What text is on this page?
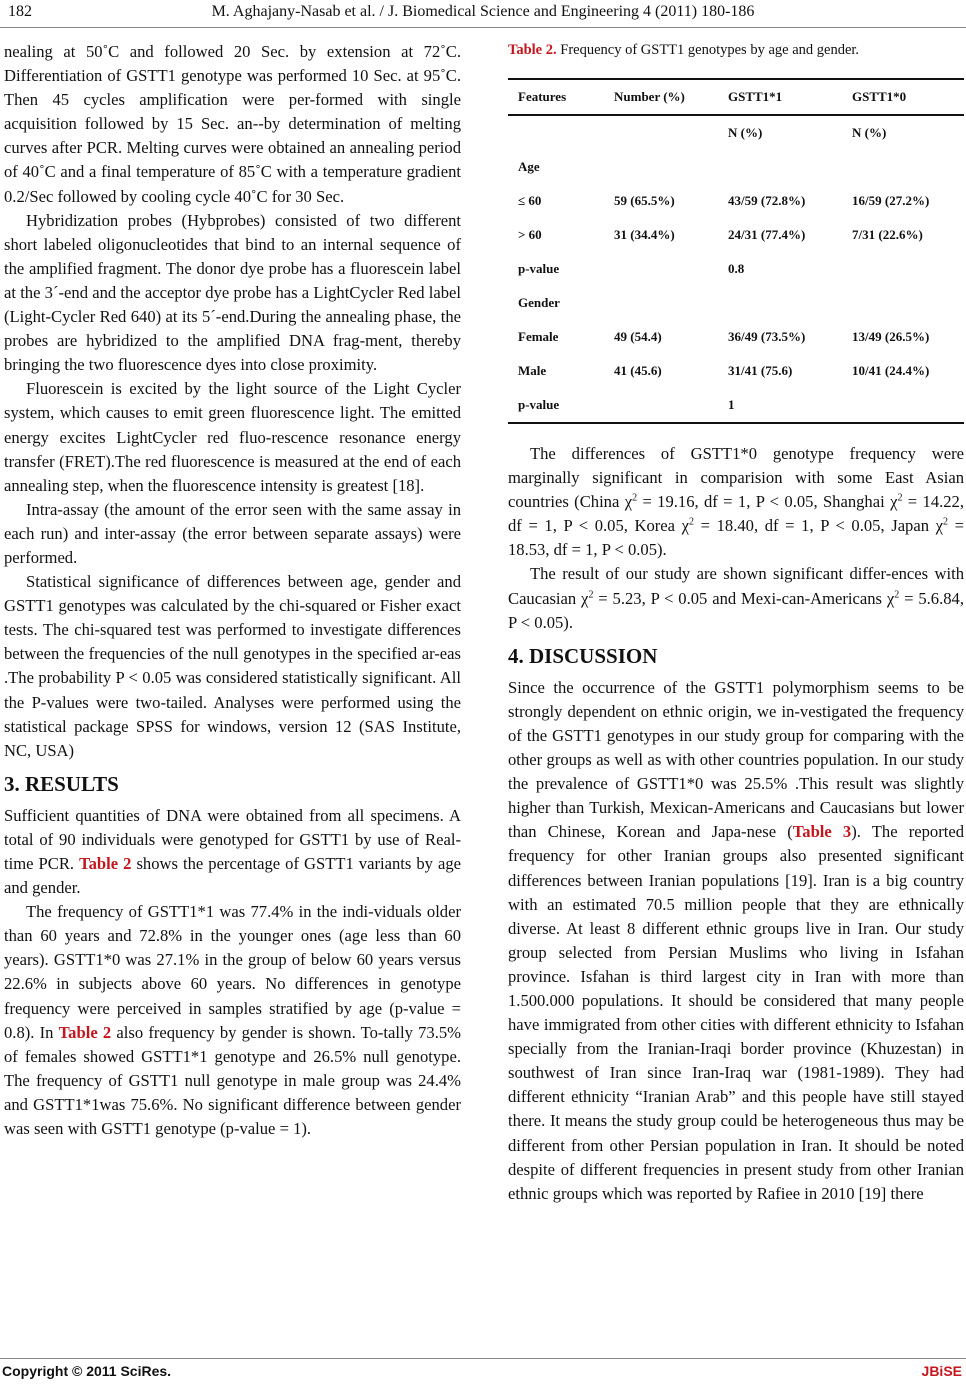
182	M. Aghajany-Nasab et al. / J. Biomedical Science and Engineering 4 (2011) 180-186

nealing at 50˚C and followed 20 Sec. by extension at 72˚C. Differentiation of GSTT1 genotype was performed 10 Sec. at 95˚C. Then 45 cycles amplification were per-formed with single acquisition followed by 15 Sec. an--by determination of melting curves after PCR. Melting curves were obtained an annealing period of 40˚C and a final temperature of 85˚C with a temperature gradient 0.2/Sec followed by cooling cycle 40˚C for 30 Sec.

Hybridization probes (Hybprobes) consisted of two different short labeled oligonucleotides that bind to an internal sequence of the amplified fragment. The donor dye probe has a fluorescein label at the 3´-end and the acceptor dye probe has a LightCycler Red label (Light-Cycler Red 640) at its 5´-end.During the annealing phase, the probes are hybridized to the amplified DNA frag-ment, thereby bringing the two fluorescence dyes into close proximity.

Fluorescein is excited by the light source of the Light Cycler system, which causes to emit green fluorescence light. The emitted energy excites LightCycler red fluo-rescence resonance energy transfer (FRET).The red fluorescence is measured at the end of each annealing step, when the fluorescence intensity is greatest [18].

Intra-assay (the amount of the error seen with the same assay in each run) and inter-assay (the error between separate assays) were performed.

Statistical significance of differences between age, gender and GSTT1 genotypes was calculated by the chi-squared or Fisher exact tests. The chi-squared test was performed to investigate differences between the frequencies of the null genotypes in the specified ar-eas .The probability P < 0.05 was considered statistically significant. All the P-values were two-tailed. Analyses were performed using the statistical package SPSS for windows, version 12 (SAS Institute, NC, USA)

3. RESULTS

Sufficient quantities of DNA were obtained from all specimens. A total of 90 individuals were genotyped for GSTT1 by use of Real-time PCR. Table 2 shows the percentage of GSTT1 variants by age and gender.

The frequency of GSTT1*1 was 77.4% in the indi-viduals older than 60 years and 72.8% in the younger ones (age less than 60 years). GSTT1*0 was 27.1% in the group of below 60 years versus 22.6% in subjects above 60 years. No differences in genotype frequency were perceived in samples stratified by age (p-value = 0.8). In Table 2 also frequency by gender is shown. To-tally 73.5% of females showed GSTT1*1 genotype and 26.5% null genotype. The frequency of GSTT1 null genotype in male group was 24.4% and GSTT1*1was 75.6%. No significant difference between gender was seen with GSTT1 genotype (p-value = 1).

Table 2. Frequency of GSTT1 genotypes by age and gender.
Features	Number (%)	GSTT1*1	GSTT1*0
		N (%)	N (%)
Age			
≤ 60	59 (65.5%)	43/59 (72.8%)	16/59 (27.2%)
> 60	31 (34.4%)	24/31 (77.4%)	7/31 (22.6%)
p-value		0.8	
Gender			
Female	49 (54.4)	36/49 (73.5%)	13/49 (26.5%)
Male	41 (45.6)	31/41 (75.6)	10/41 (24.4%)
p-value		1	

The differences of GSTT1*0 genotype frequency were marginally significant in comparision with some East Asian countries (China $\chi^2 = 19.16$, df = 1, P < 0.05, Shanghai $\chi^2 = 14.22$, df = 1, P < 0.05, Korea $\chi^2 = 18.40$, df = 1, P < 0.05, Japan $\chi^2 = 18.53$, df = 1, P < 0.05).

The result of our study are shown significant differ-ences with Caucasian $\chi^2 = 5.23$, P < 0.05 and Mexi-can-Americans $\chi^2 = 5.6.84$, P < 0.05).

4. DISCUSSION

Since the occurrence of the GSTT1 polymorphism seems to be strongly dependent on ethnic origin, we in-vestigated the frequency of the GSTT1 genotypes in our study group for comparing with the other groups as well as with other countries population. In our study the prevalence of GSTT1*0 was 25.5% .This result was slightly higher than Turkish, Mexican-Americans and Caucasians but lower than Chinese, Korean and Japa-nese (Table 3). The reported frequency for other Iranian groups also presented significant differences between Iranian populations [19]. Iran is a big country with an estimated 70.5 million people that they are ethnically diverse. At least 8 different ethnic groups live in Iran. Our study group selected from Persian Muslims who living in Isfahan province. Isfahan is third largest city in Iran with more than 1.500.000 populations. It should be considered that many people have immigrated from other cities with different ethnicity to Isfahan specially from the Iranian-Iraqi border province (Khuzestan) in southwest of Iran since Iran-Iraq war (1981-1989). They had different ethnicity “Iranian Arab” and this people have still stayed there. It means the study group could be heterogeneous thus may be different from other Persian population in Iran. It should be noted despite of different frequencies in present study from other Iranian ethnic groups which was reported by Rafiee in 2010 [19] there

Copyright © 2011 SciRes.	JBiSE
